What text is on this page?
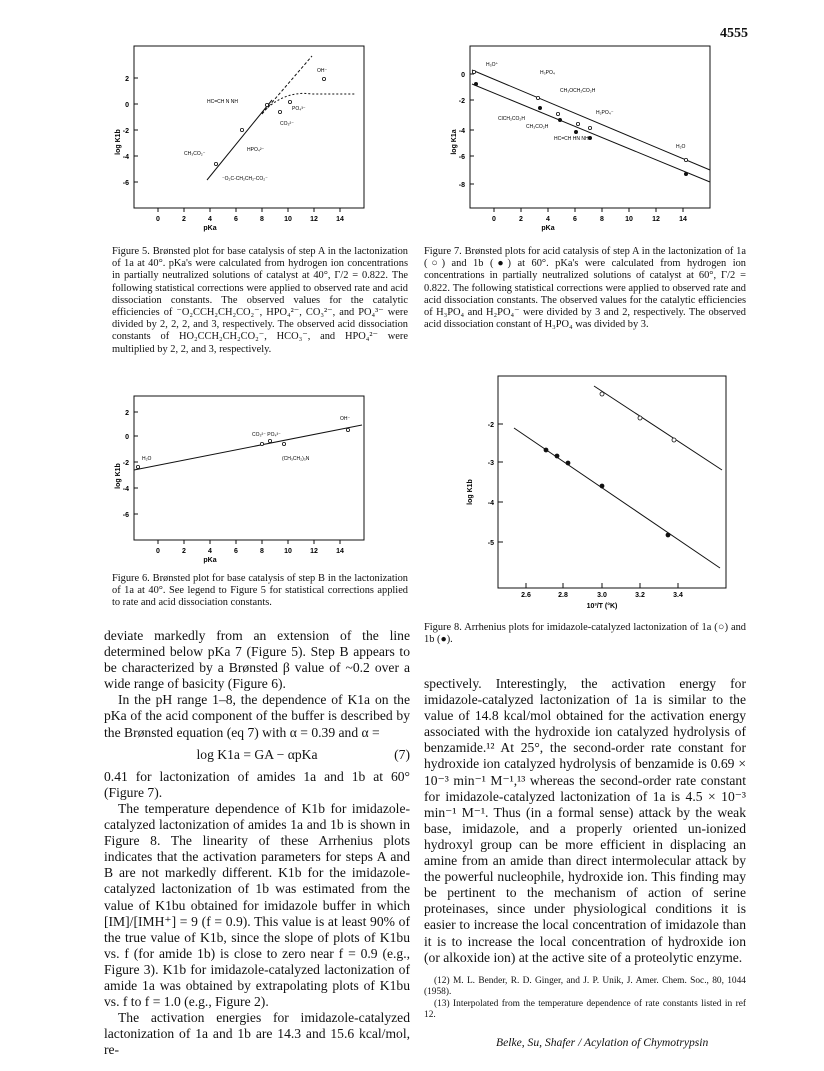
4555
0	2	4	6	8	10	12	14
pKa
2
0
-2
-4
-6
log K1b
OH⁻
PO₄³⁻
CO₃²⁻
HPO₄²⁻
HC=CH N NH
CH₃CO₂⁻
⁻O₂C-CH₂CH₂-CO₂⁻
Figure 5. Brønsted plot for base catalysis of step A in the lactonization of 1a at 40°. pKa's were calculated from hydrogen ion concentrations in partially neutralized solutions of catalyst at 40°, Γ/2 = 0.822. The following statistical corrections were applied to observed rate and acid dissociation constants. The observed values for the catalytic efficiencies of ⁻O₂CCH₂CH₂CO₂⁻, HPO₄²⁻, CO₃²⁻, and PO₄³⁻ were divided by 2, 2, 2, and 3, respectively. The observed acid dissociation constants of HO₂CCH₂CH₂CO₂⁻, HCO₃⁻, and HPO₄²⁻ were multiplied by 2, 2, and 3, respectively.
0	2	4	6	8	10	12	14
pKa
0
-2
-4
-6
-8
log K1a
H₃O⁺
H₃PO₄
CH₃OCH₂CO₂H
ClCH₂CO₂H
CH₃CO₂H
H₂PO₄⁻
HC=CH HN NH
H₂O
Figure 7. Brønsted plots for acid catalysis of step A in the lactonization of 1a (○) and 1b (●) at 60°. pKa's were calculated from hydrogen ion concentrations in partially neutralized solutions of catalyst at 60°, Γ/2 = 0.822. The following statistical corrections were applied to observed rate and acid dissociation constants. The observed values for the catalytic efficiencies of H₃PO₄ and H₂PO₄⁻ were divided by 3 and 2, respectively. The observed acid dissociation constant of H₃PO₄ was divided by 3.
0	2	4	6	8	10	12	14
pKa
2
0
-2
-4
-6
log K1b
H₂O
CO₃²⁻ PO₄³⁻
OH⁻
(CH₃CH₂)₃N
Figure 6. Brønsted plot for base catalysis of step B in the lactonization of 1a at 40°. See legend to Figure 5 for statistical corrections applied to rate and acid dissociation constants.
2.6	2.8	3.0	3.2	3.4
10³/T (°K)
-2
-3
-4
-5
log K1b
Figure 8. Arrhenius plots for imidazole-catalyzed lactonization of 1a (○) and 1b (●).

deviate markedly from an extension of the line determined below pKa 7 (Figure 5). Step B appears to be characterized by a Brønsted β value of ~0.2 over a wide range of basicity (Figure 6).

In the pH range 1–8, the dependence of K1a on the pKa of the acid component of the buffer is described by the Brønsted equation (eq 7) with α = 0.39 and α =

log K1a = GA − αpKa	(7)

0.41 for lactonization of amides 1a and 1b at 60° (Figure 7).

The temperature dependence of K1b for imidazole-catalyzed lactonization of amides 1a and 1b is shown in Figure 8. The linearity of these Arrhenius plots indicates that the activation parameters for steps A and B are not markedly different. K1b for the imidazole-catalyzed lactonization of 1b was estimated from the value of K1bu obtained for imidazole buffer in which [IM]/[IMH⁺] = 9 (f = 0.9). This value is at least 90% of the true value of K1b, since the slope of plots of K1bu vs. f (for amide 1b) is close to zero near f = 0.9 (e.g., Figure 3). K1b for imidazole-catalyzed lactonization of amide 1a was obtained by extrapolating plots of K1bu vs. f to f = 1.0 (e.g., Figure 2).

The activation energies for imidazole-catalyzed lactonization of 1a and 1b are 14.3 and 15.6 kcal/mol, re-

spectively. Interestingly, the activation energy for imidazole-catalyzed lactonization of 1a is similar to the value of 14.8 kcal/mol obtained for the activation energy associated with the hydroxide ion catalyzed hydrolysis of benzamide.¹² At 25°, the second-order rate constant for hydroxide ion catalyzed hydrolysis of benzamide is 0.69 × 10⁻³ min⁻¹ M⁻¹,¹³ whereas the second-order rate constant for imidazole-catalyzed lactonization of 1a is 4.5 × 10⁻³ min⁻¹ M⁻¹. Thus (in a formal sense) attack by the weak base, imidazole, and a properly oriented un-ionized hydroxyl group can be more efficient in displacing an amine from an amide than direct intermolecular attack by the powerful nucleophile, hydroxide ion. This finding may be pertinent to the mechanism of action of serine proteinases, since under physiological conditions it is easier to increase the local concentration of imidazole than it is to increase the local concentration of hydroxide ion (or alkoxide ion) at the active site of a proteolytic enzyme.

(12) M. L. Bender, R. D. Ginger, and J. P. Unik, J. Amer. Chem. Soc., 80, 1044 (1958).

(13) Interpolated from the temperature dependence of rate constants listed in ref 12.

Belke, Su, Shafer / Acylation of Chymotrypsin
